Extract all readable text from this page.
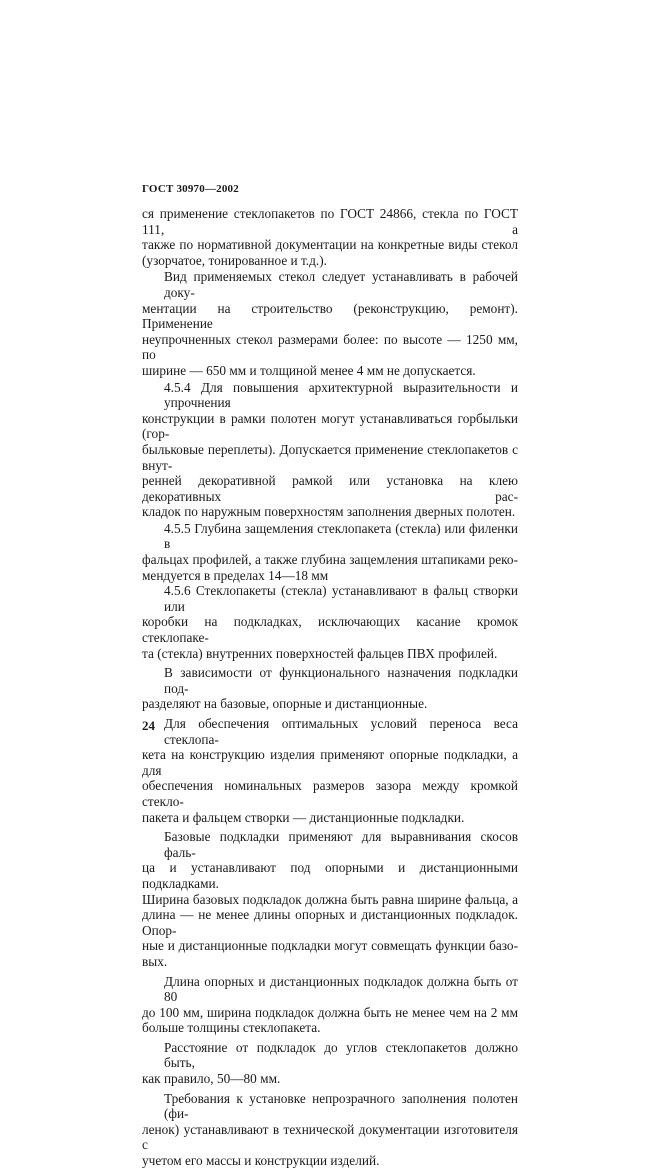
ГОСТ 30970—2002
ся применение стеклопакетов по ГОСТ 24866, стекла по ГОСТ 111, а
также по нормативной документации на конкретные виды стекол
(узорчатое, тонированное и т.д.).
Вид применяемых стекол следует устанавливать в рабочей доку-
ментации на строительство (реконструкцию, ремонт). Применение
неупрочненных стекол размерами более: по высоте — 1250 мм, по
ширине — 650 мм и толщиной менее 4 мм не допускается.
4.5.4 Для повышения архитектурной выразительности и упрочнения
конструкции в рамки полотен могут устанавливаться горбыльки (гор-
быльковые переплеты). Допускается применение стеклопакетов с внут-
ренней декоративной рамкой или установка на клею декоративных рас-
кладок по наружным поверхностям заполнения дверных полотен.
4.5.5 Глубина защемления стеклопакета (стекла) или филенки в
фальцах профилей, а также глубина защемления штапиками реко-
мендуется в пределах 14—18 мм
4.5.6 Стеклопакеты (стекла) устанавливают в фальц створки или
коробки на подкладках, исключающих касание кромок стеклопаке-
та (стекла) внутренних поверхностей фальцев ПВХ профилей.
В зависимости от функционального назначения подкладки под-
разделяют на базовые, опорные и дистанционные.
Для обеспечения оптимальных условий переноса веса стеклопа-
кета на конструкцию изделия применяют опорные подкладки, а для
обеспечения номинальных размеров зазора между кромкой стекло-
пакета и фальцем створки — дистанционные подкладки.
Базовые подкладки применяют для выравнивания скосов фаль-
ца и устанавливают под опорными и дистанционными подкладками.
Ширина базовых подкладок должна быть равна ширине фальца, а
длина — не менее длины опорных и дистанционных подкладок. Опор-
ные и дистанционные подкладки могут совмещать функции базо-
вых.
Длина опорных и дистанционных подкладок должна быть от 80
до 100 мм, ширина подкладок должна быть не менее чем на 2 мм
больше толщины стеклопакета.
Расстояние от подкладок до углов стеклопакетов должно быть,
как правило, 50—80 мм.
Требования к установке непрозрачного заполнения полотен (фи-
ленок) устанавливают в технической документации изготовителя с
учетом его массы и конструкции изделий.
24
